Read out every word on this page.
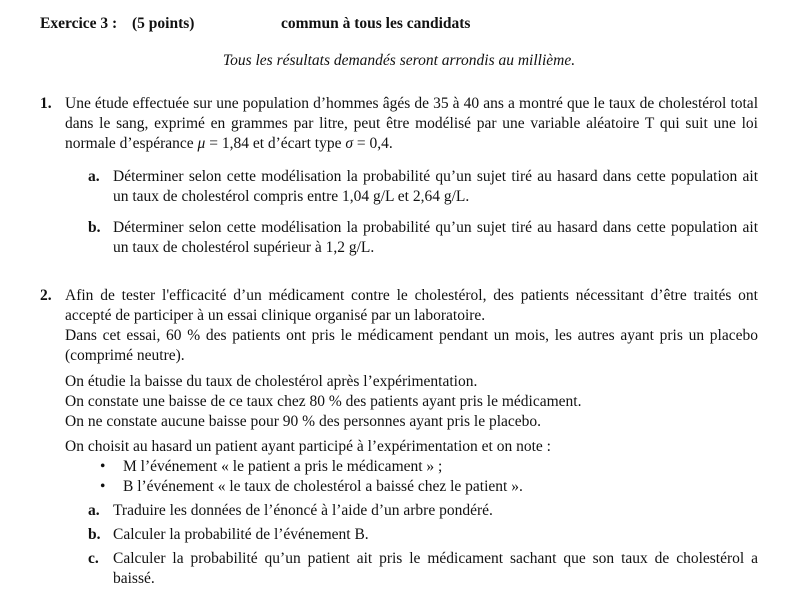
Exercice 3 : (5 points)	commun à tous les candidats
Tous les résultats demandés seront arrondis au millième.
1. Une étude effectuée sur une population d’hommes âgés de 35 à 40 ans a montré que le taux de cholestérol total dans le sang, exprimé en grammes par litre, peut être modélisé par une variable aléatoire T qui suit une loi normale d’espérance μ = 1,84 et d’écart type σ = 0,4.
a. Déterminer selon cette modélisation la probabilité qu’un sujet tiré au hasard dans cette population ait un taux de cholestérol compris entre 1,04 g/L et 2,64 g/L.
b. Déterminer selon cette modélisation la probabilité qu’un sujet tiré au hasard dans cette population ait un taux de cholestérol supérieur à 1,2 g/L.
2. Afin de tester l'efficacité d’un médicament contre le cholestérol, des patients nécessitant d’être traités ont accepté de participer à un essai clinique organisé par un laboratoire.
Dans cet essai, 60 % des patients ont pris le médicament pendant un mois, les autres ayant pris un placebo (comprimé neutre).
On étudie la baisse du taux de cholestérol après l’expérimentation.
On constate une baisse de ce taux chez 80 % des patients ayant pris le médicament.
On ne constate aucune baisse pour 90 % des personnes ayant pris le placebo.
On choisit au hasard un patient ayant participé à l’expérimentation et on note :
•	M l’événement « le patient a pris le médicament » ;
•	B l’événement « le taux de cholestérol a baissé chez le patient ».
a. Traduire les données de l’énoncé à l’aide d’un arbre pondéré.
b. Calculer la probabilité de l’événement B.
c. Calculer la probabilité qu’un patient ait pris le médicament sachant que son taux de cholestérol a baissé.
